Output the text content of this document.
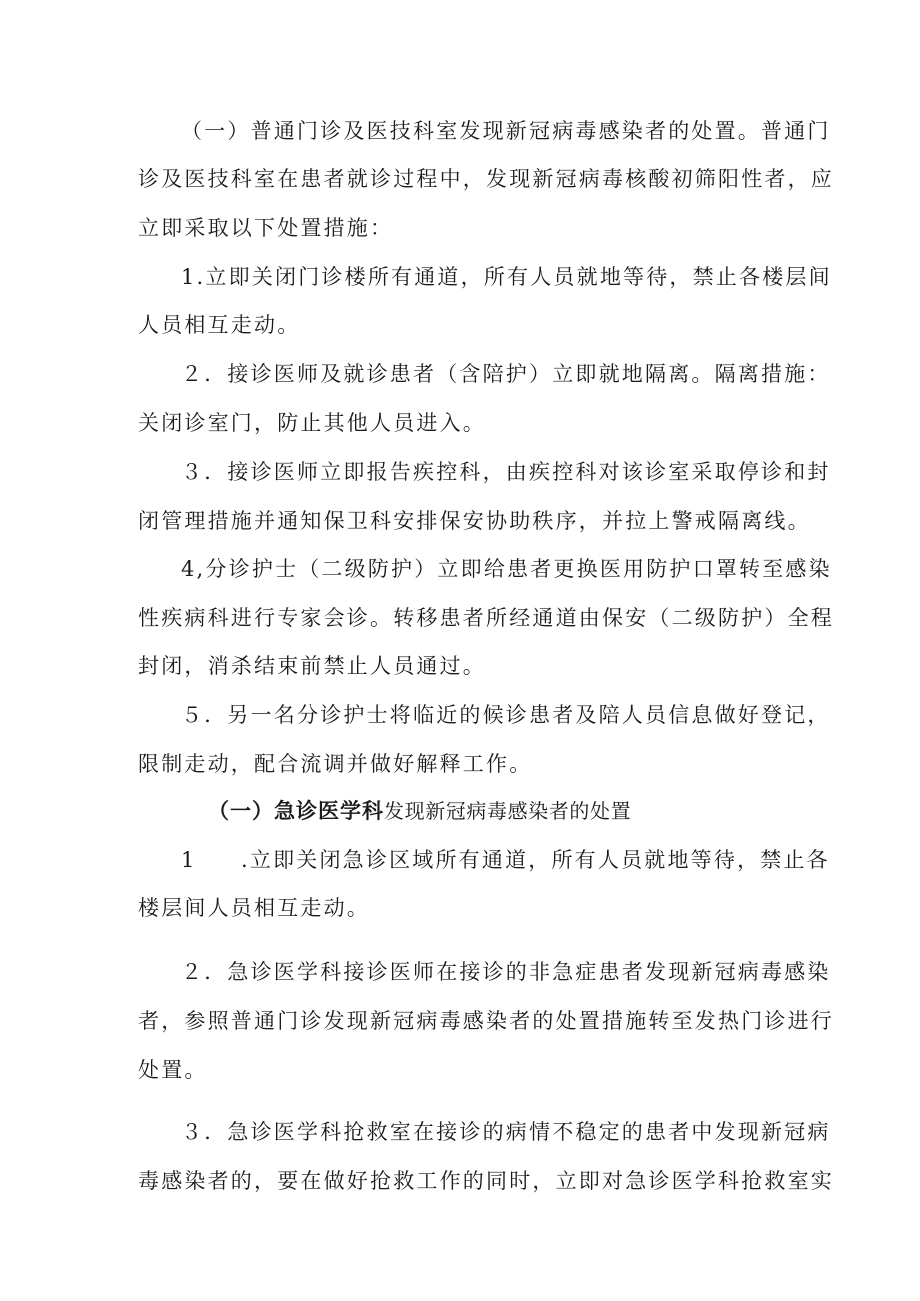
（一）普通门诊及医技科室发现新冠病毒感染者的处置。普通门
诊及医技科室在患者就诊过程中，发现新冠病毒核酸初筛阳性者，应
立即采取以下处置措施：
1.立即关闭门诊楼所有通道，所有人员就地等待，禁止各楼层间
人员相互走动。
２．接诊医师及就诊患者（含陪护）立即就地隔离。隔离措施：
关闭诊室门，防止其他人员进入。
３．接诊医师立即报告疾控科，由疾控科对该诊室采取停诊和封
闭管理措施并通知保卫科安排保安协助秩序，并拉上警戒隔离线。
4,分诊护士（二级防护）立即给患者更换医用防护口罩转至感染
性疾病科进行专家会诊。转移患者所经通道由保安（二级防护）全程
封闭，消杀结束前禁止人员通过。
５．另一名分诊护士将临近的候诊患者及陪人员信息做好登记，
限制走动，配合流调并做好解释工作。
（一）急诊医学科发现新冠病毒感染者的处置
1 .立即关闭急诊区域所有通道，所有人员就地等待，禁止各
楼层间人员相互走动。
２．急诊医学科接诊医师在接诊的非急症患者发现新冠病毒感染
者，参照普通门诊发现新冠病毒感染者的处置措施转至发热门诊进行
处置。
３．急诊医学科抢救室在接诊的病情不稳定的患者中发现新冠病
毒感染者的，要在做好抢救工作的同时，立即对急诊医学科抢救室实
